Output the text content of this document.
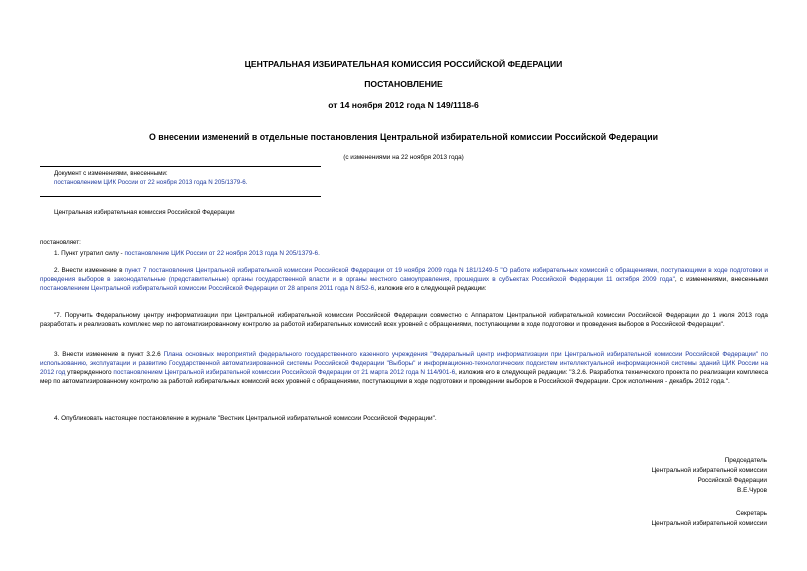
ЦЕНТРАЛЬНАЯ ИЗБИРАТЕЛЬНАЯ КОМИССИЯ РОССИЙСКОЙ ФЕДЕРАЦИИ
ПОСТАНОВЛЕНИЕ
от 14 ноября 2012 года N 149/1118-6
О внесении изменений в отдельные постановления Центральной избирательной комиссии Российской Федерации
(с изменениями на 22 ноября 2013 года)
Документ с изменениями, внесенными:
постановлением ЦИК России от 22 ноября 2013 года N 205/1379-6.
Центральная избирательная комиссия Российской Федерации
постановляет:
1. Пункт утратил силу - постановление ЦИК России от 22 ноября 2013 года N 205/1379-6.
2. Внести изменение в пункт 7 постановления Центральной избирательной комиссии Российской Федерации от 19 ноября 2009 года N 181/1249-5 "О работе избирательных комиссий с обращениями, поступающими в ходе подготовки и проведения выборов в законодательные (представительные) органы государственной власти и в органы местного самоуправления, прошедших в субъектах Российской Федерации 11 октября 2009 года", с изменениями, внесенными постановлением Центральной избирательной комиссии Российской Федерации от 28 апреля 2011 года N 8/52-6, изложив его в следующей редакции:
"7. Поручить Федеральному центру информатизации при Центральной избирательной комиссии Российской Федерации совместно с Аппаратом Центральной избирательной комиссии Российской Федерации до 1 июля 2013 года разработать и реализовать комплекс мер по автоматизированному контролю за работой избирательных комиссий всех уровней с обращениями, поступающими в ходе подготовки и проведения выборов в Российской Федерации".
3. Внести изменение в пункт 3.2.6 Плана основных мероприятий федерального государственного казенного учреждения "Федеральный центр информатизации при Центральной избирательной комиссии Российской Федерации" по использованию, эксплуатации и развитию Государственной автоматизированной системы Российской Федерации "Выборы" и информационно-технологических подсистем интеллектуальной информационной системы зданий ЦИК России на 2012 год утвержденного постановлением Центральной избирательной комиссии Российской Федерации от 21 марта 2012 года N 114/901-6, изложив его в следующей редакции: "3.2.6. Разработка технического проекта по реализации комплекса мер по автоматизированному контролю за работой избирательных комиссий всех уровней с обращениями, поступающими в ходе подготовки и проведении выборов в Российской Федерации. Срок исполнения - декабрь 2012 года.".
4. Опубликовать настоящее постановление в журнале "Вестник Центральной избирательной комиссии Российской Федерации".
Председатель
Центральной избирательной комиссии
Российской Федерации
В.Е.Чуров
Секретарь
Центральной избирательной комиссии
